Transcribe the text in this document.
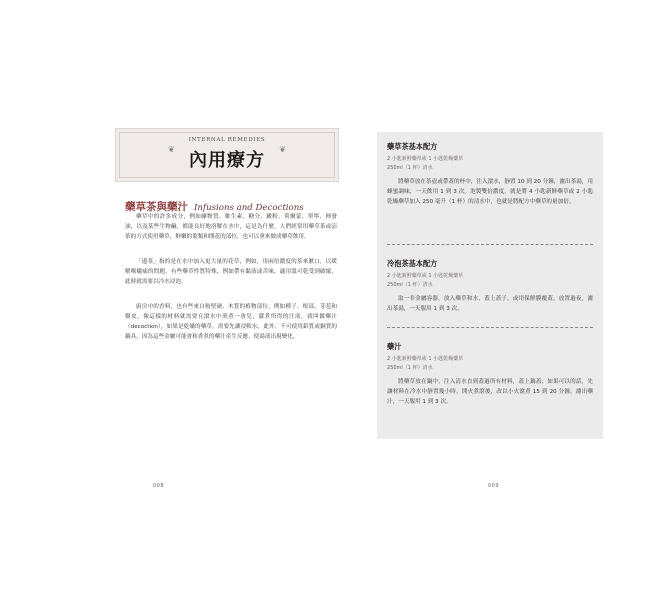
INTERNAL REMEDIES
❦
內用療方
❦
藥草茶與藥汁 Infusions and Decoctions

藥草中的許多成分，例如礦物質、維生素、糖分、澱粉、荷爾蒙、單寧、揮發油，以及某些生物鹼，都能良好地溶解在水中，這是為什麼，人們經常用藥草茶或涼茶的方式使用藥草，鮮嫩的葉類和開花的部位，也可以拿來做成藥草飲用。

「邊茶」指的是在水中加入更大量的花草，例如，用兩倍濃度的茶來漱口，以緩解喉嚨痛的問題，有些藥草性質特殊，例如帶有黏液或苦味，適用溫可乾受到破壞，此時就需要以冷水浸泡。

廚房中的香料，也有些來自較堅硬、木質的植物部位，例如種子、根部、芽苞和樹皮，像這樣的材料就需要在滾水中煎煮一會兒，澀煮所得的汁液，就叫做藥汁（decoction）。如果是乾燥的藥草，需要先讓浸軟水，此外，不可使用鋁質或銅質的鍋具，因為這些金屬可能會和煮煮的藥汁產生反應，使湯液出現變化。

008

藥草茶基本配方

2 小匙新鮮藥草或 1 小匙乾燥藥草

250ml（1 杯）清水

將藥草放在茶壺或帶蓋的杯中，注入滾水，靜置 10 到 20 分鐘，濾出茶湯，用蜂蜜調味，一天飲用 1 到 3 次。泡製雙倍濃度，就是將 4 小匙新鮮藥草或 2 小匙乾燥藥草加入 250 毫升（1 杯）的清水中，也就是將配方中藥草的量加倍。

冷泡茶基本配方

2 小匙新鮮藥草或 1 小匙乾燥藥草

250ml（1 杯）清水

取一非金屬容器，放入藥草和水，蓋上蓋子，或用保鮮膜覆蓋，放置過夜，濾出茶湯，一天服用 1 到 3 次。

藥汁

2 小匙新鮮藥草或 1 小匙乾燥藥草

250ml（1 杯）清水

將藥草放在鍋中，注入清水直到蓋過所有材料，蓋上鍋蓋；如果可以的話，先讓材料在冷水中靜置幾小時。開火煮滾後，改以小火滾煮 15 到 20 分鐘，濾出藥汁，一天服用 1 到 3 次。

009
